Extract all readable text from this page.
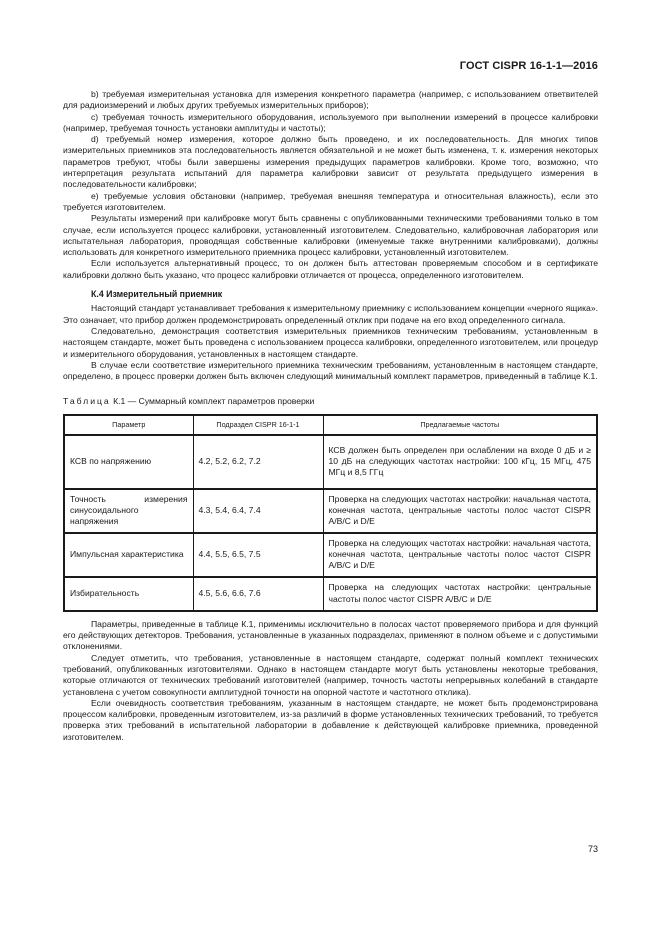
ГОСТ CISPR 16-1-1—2016

b) требуемая измерительная установка для измерения конкретного параметра (например, с использованием ответвителей для радиоизмерений и любых других требуемых измерительных приборов);

c) требуемая точность измерительного оборудования, используемого при выполнении измерений в процессе калибровки (например, требуемая точность установки амплитуды и частоты);

d) требуемый номер измерения, которое должно быть проведено, и их последовательность. Для многих типов измерительных приемников эта последовательность является обязательной и не может быть изменена, т. к. измерения некоторых параметров требуют, чтобы были завершены измерения предыдущих параметров калибровки. Кроме того, возможно, что интерпретация результата испытаний для параметра калибровки зависит от результата предыдущего измерения в последовательности калибровки;

e) требуемые условия обстановки (например, требуемая внешняя температура и относительная влажность), если это требуется изготовителем.

Результаты измерений при калибровке могут быть сравнены с опубликованными техническими требованиями только в том случае, если используется процесс калибровки, установленный изготовителем. Следовательно, калибровочная лаборатория или испытательная лаборатория, проводящая собственные калибровки (именуемые также внутренними калибровками), должны использовать для конкретного измерительного приемника процесс калибровки, установленный изготовителем.

Если используется альтернативный процесс, то он должен быть аттестован проверяемым способом и в сертификате калибровки должно быть указано, что процесс калибровки отличается от процесса, определенного изготовителем.

К.4 Измерительный приемник

Настоящий стандарт устанавливает требования к измерительному приемнику с использованием концепции «черного ящика». Это означает, что прибор должен продемонстрировать определенный отклик при подаче на его вход определенного сигнала.

Следовательно, демонстрация соответствия измерительных приемников техническим требованиям, установленным в настоящем стандарте, может быть проведена с использованием процесса калибровки, определенного изготовителем, или процедур и измерительного оборудования, установленных в настоящем стандарте.

В случае если соответствие измерительного приемника техническим требованиям, установленным в настоящем стандарте, определено, в процесс проверки должен быть включен следующий минимальный комплект параметров, приведенный в таблице К.1.

Таблица К.1 — Суммарный комплект параметров проверки
Параметр	Подраздел CISPR 16-1-1	Предлагаемые частоты
КСВ по напряжению	4.2, 5.2, 6.2, 7.2	КСВ должен быть определен при ослаблении на входе 0 дБ и ≥ 10 дБ на следующих частотах настройки: 100 кГц, 15 МГц, 475 МГц и 8,5 ГГц
Точность измерения синусоидального напряжения	4.3, 5.4, 6.4, 7.4	Проверка на следующих частотах настройки: начальная частота, конечная частота, центральные частоты полос частот CISPR A/B/C и D/E
Импульсная характеристика	4.4, 5.5, 6.5, 7.5	Проверка на следующих частотах настройки: начальная частота, конечная частота, центральные частоты полос частот CISPR A/B/C и D/E
Избирательность	4.5, 5.6, 6.6, 7.6	Проверка на следующих частотах настройки: центральные частоты полос частот CISPR A/B/C и D/E

Параметры, приведенные в таблице К.1, применимы исключительно в полосах частот проверяемого прибора и для функций его действующих детекторов. Требования, установленные в указанных подразделах, применяют в полном объеме и с допустимыми отклонениями.

Следует отметить, что требования, установленные в настоящем стандарте, содержат полный комплект технических требований, опубликованных изготовителями. Однако в настоящем стандарте могут быть установлены некоторые требования, которые отличаются от технических требований изготовителей (например, точность частоты непрерывных колебаний в стандарте установлена с учетом совокупности амплитудной точности на опорной частоте и частотного отклика).

Если очевидность соответствия требованиям, указанным в настоящем стандарте, не может быть продемонстрирована процессом калибровки, проведенным изготовителем, из-за различий в форме установленных технических требований, то требуется проверка этих требований в испытательной лаборатории в добавление к действующей калибровке приемника, проведенной изготовителем.

73
